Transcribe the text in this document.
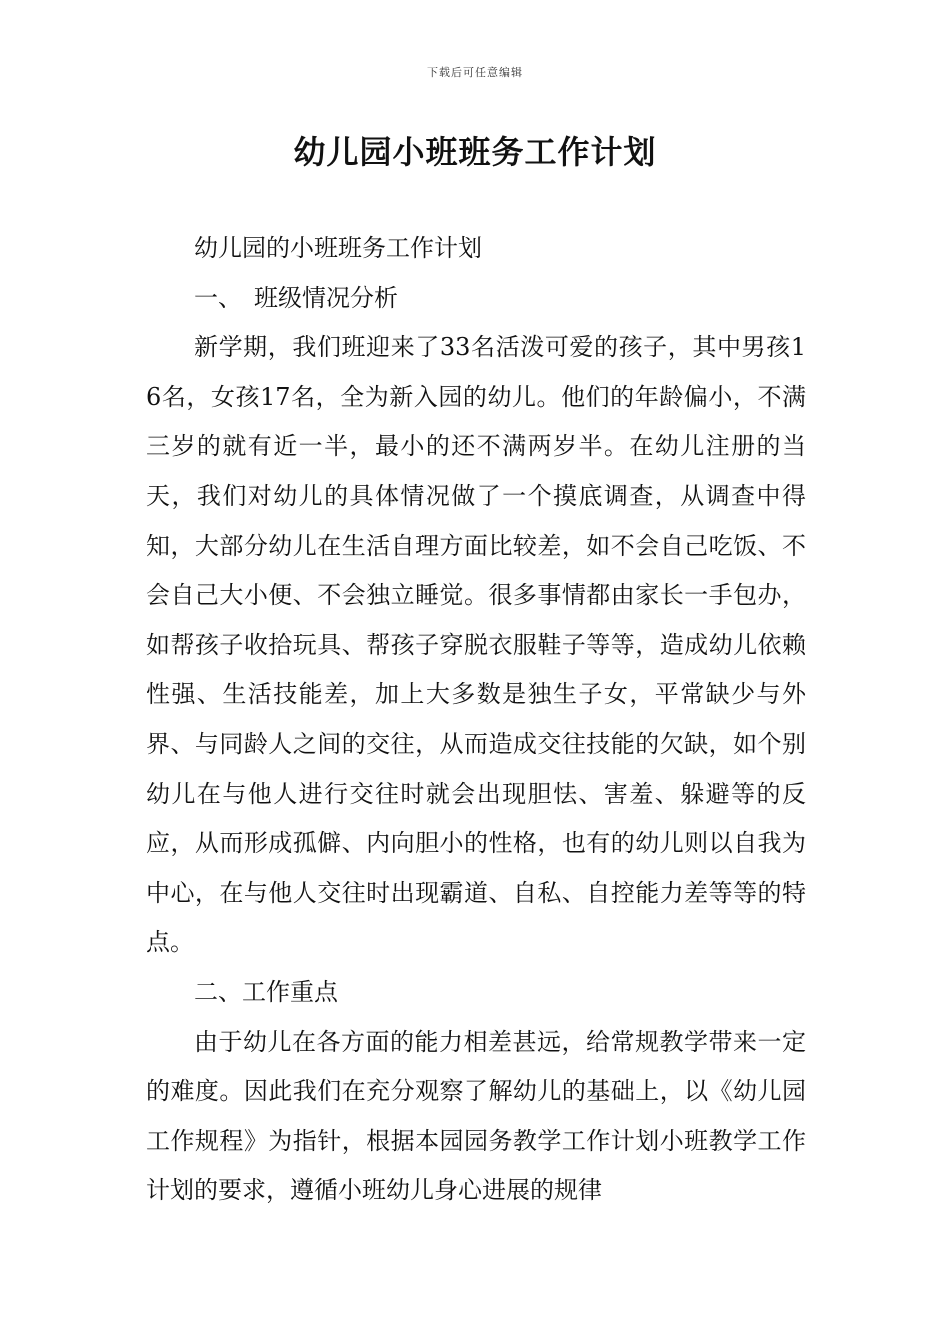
下载后可任意编辑
幼儿园小班班务工作计划

幼儿园的小班班务工作计划

一、　班级情况分析

新学期，我们班迎来了33名活泼可爱的孩子，其中男孩16名，女孩17名，全为新入园的幼儿。他们的年龄偏小，不满三岁的就有近一半，最小的还不满两岁半。在幼儿注册的当天，我们对幼儿的具体情况做了一个摸底调查，从调查中得知，大部分幼儿在生活自理方面比较差，如不会自己吃饭、不会自己大小便、不会独立睡觉。很多事情都由家长一手包办，如帮孩子收拾玩具、帮孩子穿脱衣服鞋子等等，造成幼儿依赖性强、生活技能差，加上大多数是独生子女，平常缺少与外界、与同龄人之间的交往，从而造成交往技能的欠缺，如个别幼儿在与他人进行交往时就会出现胆怯、害羞、躲避等的反应，从而形成孤僻、内向胆小的性格，也有的幼儿则以自我为中心，在与他人交往时出现霸道、自私、自控能力差等等的特点。

二、工作重点

由于幼儿在各方面的能力相差甚远，给常规教学带来一定的难度。因此我们在充分观察了解幼儿的基础上，以《幼儿园工作规程》为指针，根据本园园务教学工作计划小班教学工作计划的要求，遵循小班幼儿身心进展的规律
